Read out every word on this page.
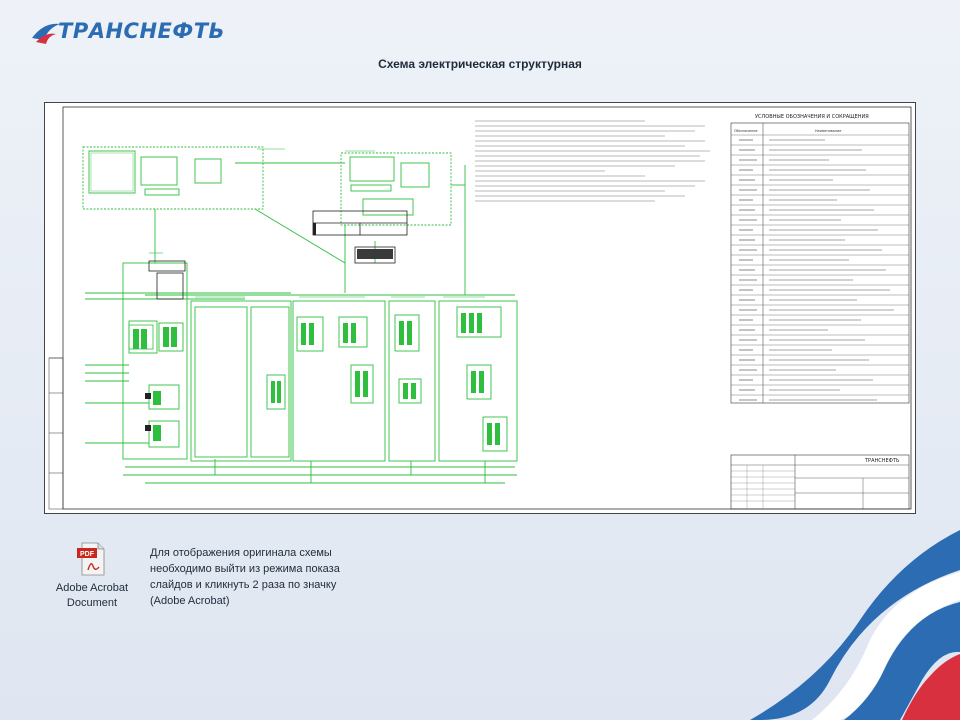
ТРАНСНЕФТЬ
Схема электрическая структурная
УСЛОВНЫЕ ОБОЗНАЧЕНИЯ И СОКРАЩЕНИЯ
Обозначение	Наименование
ТРАНСНЕФТЬ
PDF
Adobe Acrobat
Document
Для отображения оригинала схемы необходимо выйти из режима показа слайдов и кликнуть 2 раза по значку (Adobe Acrobat)
